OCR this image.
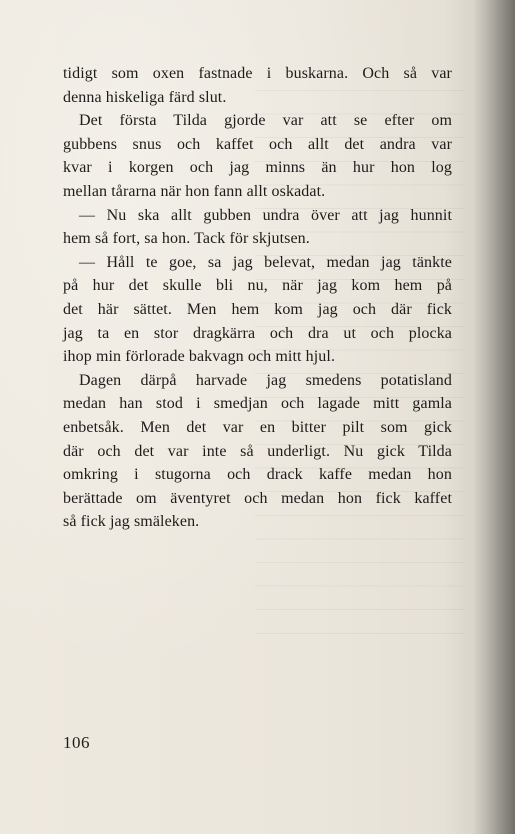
tidigt som oxen fastnade i buskarna. Och så var
denna hiskeliga färd slut.

Det första Tilda gjorde var att se efter om
gubbens snus och kaffet och allt det andra var
kvar i korgen och jag minns än hur hon log
mellan tårarna när hon fann allt oskadat.

— Nu ska allt gubben undra över att jag hunnit
hem så fort, sa hon. Tack för skjutsen.

— Håll te goe, sa jag belevat, medan jag tänkte
på hur det skulle bli nu, när jag kom hem på
det här sättet. Men hem kom jag och där fick
jag ta en stor dragkärra och dra ut och plocka
ihop min förlorade bakvagn och mitt hjul.

Dagen därpå harvade jag smedens potatisland
medan han stod i smedjan och lagade mitt gamla
enbetsåk. Men det var en bitter pilt som gick
där och det var inte så underligt. Nu gick Tilda
omkring i stugorna och drack kaffe medan hon
berättade om äventyret och medan hon fick kaffet
så fick jag smäleken.

106
